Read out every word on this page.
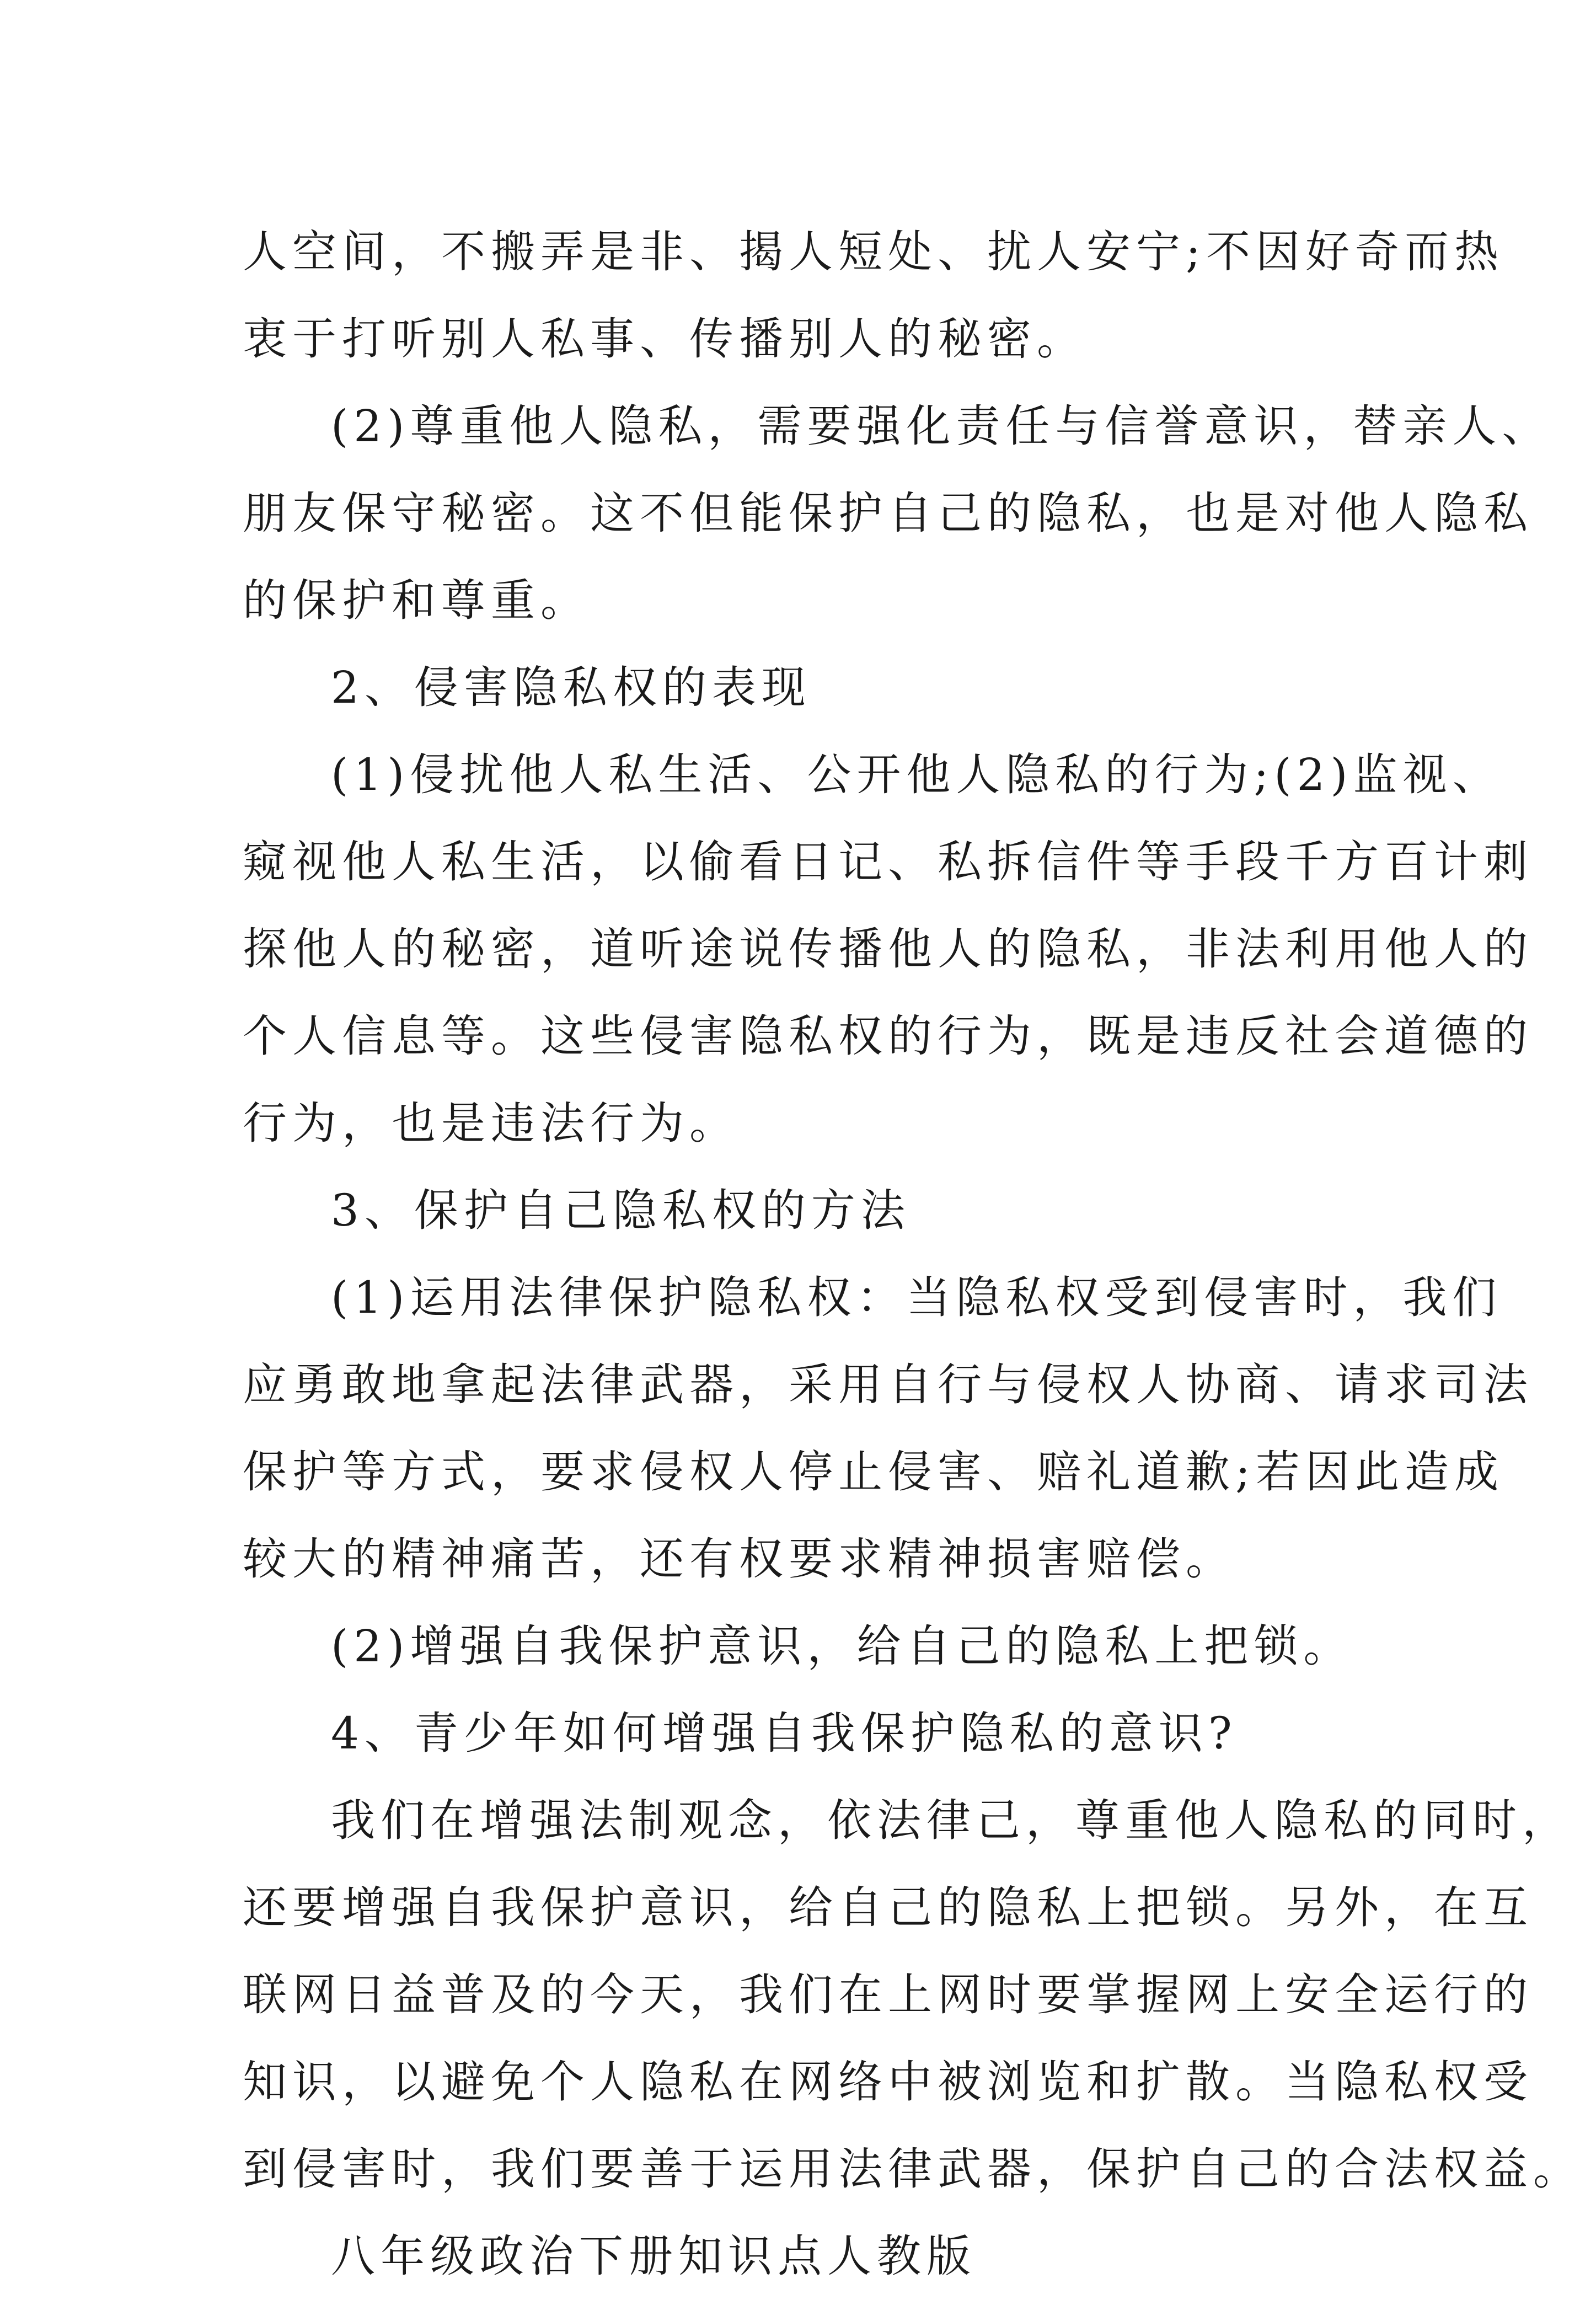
人空间，不搬弄是非、揭人短处、扰人安宁;不因好奇而热
衷于打听别人私事、传播别人的秘密。
(2)尊重他人隐私，需要强化责任与信誉意识，替亲人、
朋友保守秘密。这不但能保护自己的隐私，也是对他人隐私
的保护和尊重。
2、侵害隐私权的表现
(1)侵扰他人私生活、公开他人隐私的行为;(2)监视、
窥视他人私生活，以偷看日记、私拆信件等手段千方百计刺
探他人的秘密，道听途说传播他人的隐私，非法利用他人的
个人信息等。这些侵害隐私权的行为，既是违反社会道德的
行为，也是违法行为。
3、保护自己隐私权的方法
(1)运用法律保护隐私权：当隐私权受到侵害时，我们
应勇敢地拿起法律武器，采用自行与侵权人协商、请求司法
保护等方式，要求侵权人停止侵害、赔礼道歉;若因此造成
较大的精神痛苦，还有权要求精神损害赔偿。
(2)增强自我保护意识，给自己的隐私上把锁。
4、青少年如何增强自我保护隐私的意识?
我们在增强法制观念，依法律己，尊重他人隐私的同时，
还要增强自我保护意识，给自己的隐私上把锁。另外，在互
联网日益普及的今天，我们在上网时要掌握网上安全运行的
知识，以避免个人隐私在网络中被浏览和扩散。当隐私权受
到侵害时，我们要善于运用法律武器，保护自己的合法权益。
八年级政治下册知识点人教版
